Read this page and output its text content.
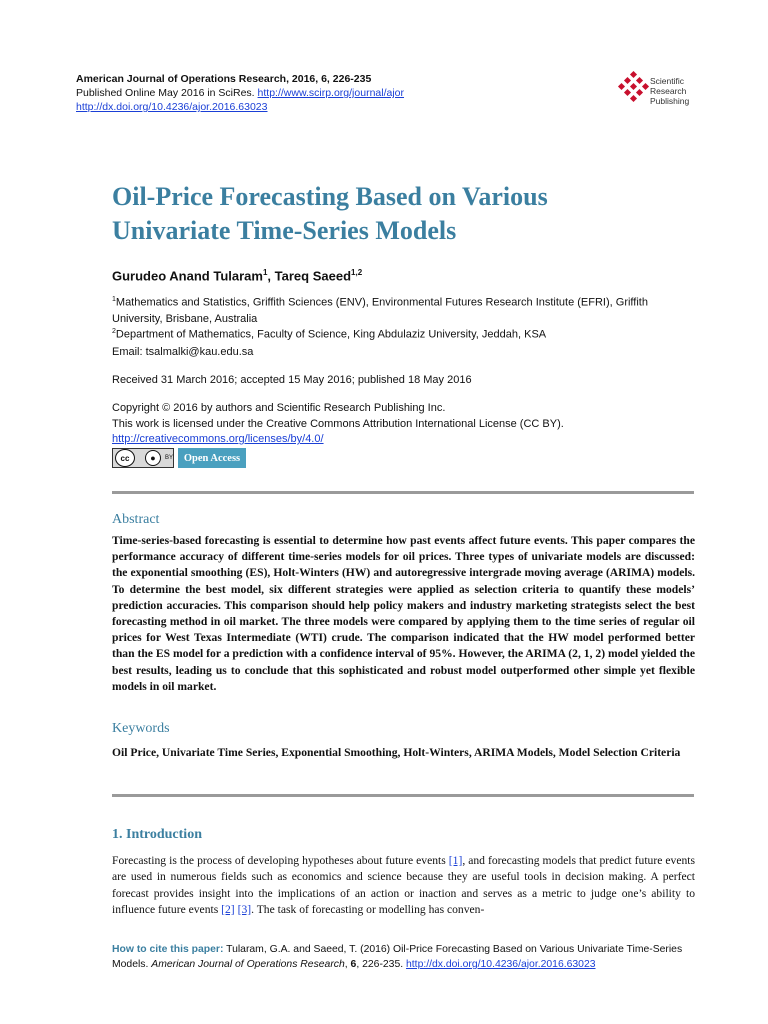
American Journal of Operations Research, 2016, 6, 226-235
Published Online May 2016 in SciRes. http://www.scirp.org/journal/ajor
http://dx.doi.org/10.4236/ajor.2016.63023
Scientific
Research
Publishing
Oil-Price Forecasting Based on Various
Univariate Time-Series Models
Gurudeo Anand Tularam$^1$, Tareq Saeed$^{1,2}$
$^1$Mathematics and Statistics, Griffith Sciences (ENV), Environmental Futures Research Institute (EFRI), Griffith University, Brisbane, Australia
$^2$Department of Mathematics, Faculty of Science, King Abdulaziz University, Jeddah, KSA
Email: tsalmalki@kau.edu.sa
Received 31 March 2016; accepted 15 May 2016; published 18 May 2016
Copyright © 2016 by authors and Scientific Research Publishing Inc.
This work is licensed under the Creative Commons Attribution International License (CC BY).
http://creativecommons.org/licenses/by/4.0/
cc	●	BY	Open Access
Abstract
Time-series-based forecasting is essential to determine how past events affect future events. This paper compares the performance accuracy of different time-series models for oil prices. Three types of univariate models are discussed: the exponential smoothing (ES), Holt-Winters (HW) and autoregressive intergrade moving average (ARIMA) models. To determine the best model, six different strategies were applied as selection criteria to quantify these models’ prediction accuracies. This comparison should help policy makers and industry marketing strategists select the best forecasting method in oil market. The three models were compared by applying them to the time series of regular oil prices for West Texas Intermediate (WTI) crude. The comparison indicated that the HW model performed better than the ES model for a prediction with a confidence interval of 95%. However, the ARIMA (2, 1, 2) model yielded the best results, leading us to conclude that this sophisticated and robust model outperformed other simple yet flexible models in oil market.
Keywords
Oil Price, Univariate Time Series, Exponential Smoothing, Holt-Winters, ARIMA Models, Model Selection Criteria
1. Introduction
Forecasting is the process of developing hypotheses about future events [1], and forecasting models that predict future events are used in numerous fields such as economics and science because they are useful tools in decision making. A perfect forecast provides insight into the implications of an action or inaction and serves as a metric to judge one’s ability to influence future events [2] [3]. The task of forecasting or modelling has conven-
How to cite this paper: Tularam, G.A. and Saeed, T. (2016) Oil-Price Forecasting Based on Various Univariate Time-Series Models. American Journal of Operations Research, 6, 226-235. http://dx.doi.org/10.4236/ajor.2016.63023
